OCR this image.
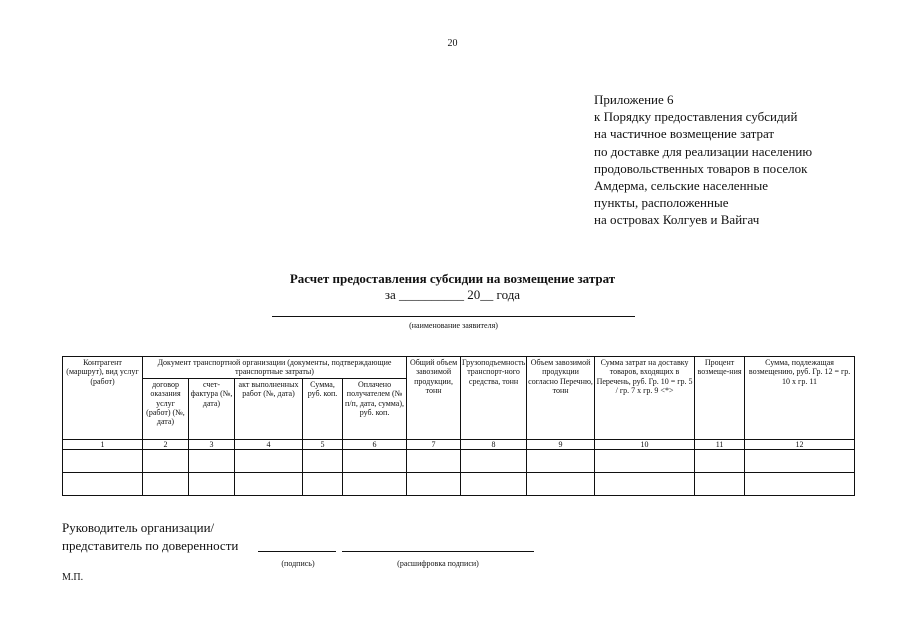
20
Приложение 6
к Порядку предоставления субсидий
на частичное возмещение затрат
по доставке для реализации населению
продовольственных товаров в поселок
Амдерма, сельские населенные
пункты, расположенные
на островах Колгуев и Вайгач
Расчет предоставления субсидии на возмещение затрат
за __________ 20__ года
(наименование заявителя)
Контрагент (маршрут), вид услуг (работ)	Документ транспортной организации (документы, подтверждающие транспортные затраты)					Общий объем завозимой продукции, тонн	Грузоподъемность транспорт-ного средства, тонн	Объем завозимой продукции согласно Перечню, тонн	Сумма затрат на доставку товаров, входящих в Перечень, руб. Гр. 10 = гр. 5 / гр. 7 x гр. 9 <*>	Процент возмеще-ния	Сумма, подлежащая возмещению, руб. Гр. 12 = гр. 10 x гр. 11
	договор оказания услуг (работ) (№, дата)	счет-фактура (№, дата)	акт выполненных работ (№, дата)	Сумма, руб. коп.	Оплачено получателем (№ п/п, дата, сумма), руб. коп.						
1	2	3	4	5	6	7	8	9	10	11	12

Руководитель организации/
представитель по доверенности
(подпись)	(расшифровка подписи)
М.П.
